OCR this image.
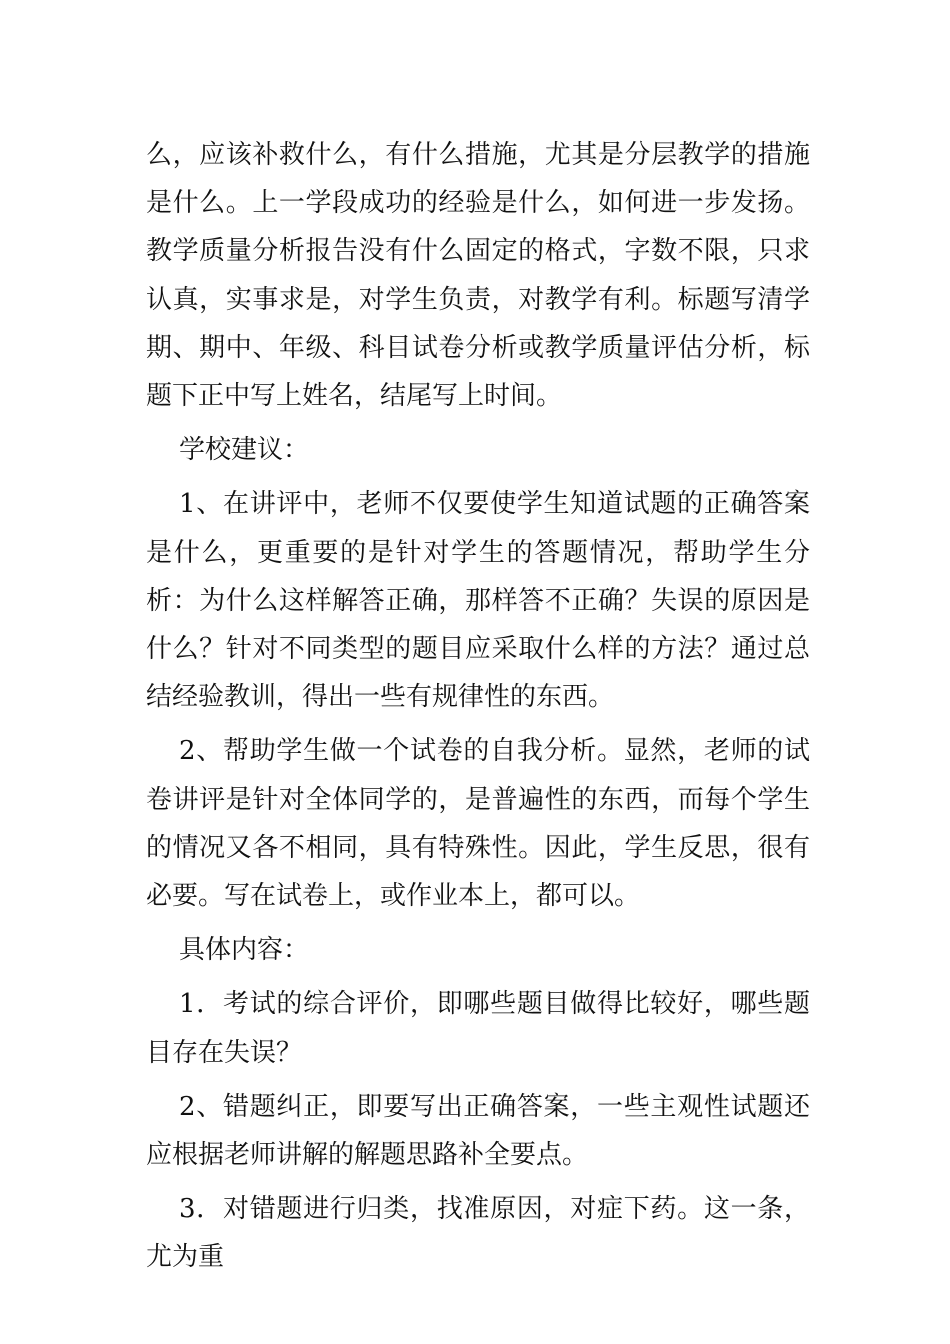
么，应该补救什么，有什么措施，尤其是分层教学的措施是什么。上一学段成功的经验是什么，如何进一步发扬。教学质量分析报告没有什么固定的格式，字数不限，只求认真，实事求是，对学生负责，对教学有利。标题写清学期、期中、年级、科目试卷分析或教学质量评估分析，标题下正中写上姓名，结尾写上时间。

学校建议：

1、在讲评中，老师不仅要使学生知道试题的正确答案是什么，更重要的是针对学生的答题情况，帮助学生分析：为什么这样解答正确，那样答不正确？失误的原因是什么？针对不同类型的题目应采取什么样的方法？通过总结经验教训，得出一些有规律性的东西。

2、帮助学生做一个试卷的自我分析。显然，老师的试卷讲评是针对全体同学的，是普遍性的东西，而每个学生的情况又各不相同，具有特殊性。因此，学生反思，很有必要。写在试卷上，或作业本上，都可以。

具体内容：

1．考试的综合评价，即哪些题目做得比较好，哪些题目存在失误？

2、错题纠正，即要写出正确答案，一些主观性试题还应根据老师讲解的解题思路补全要点。

3．对错题进行归类，找准原因，对症下药。这一条，尤为重
